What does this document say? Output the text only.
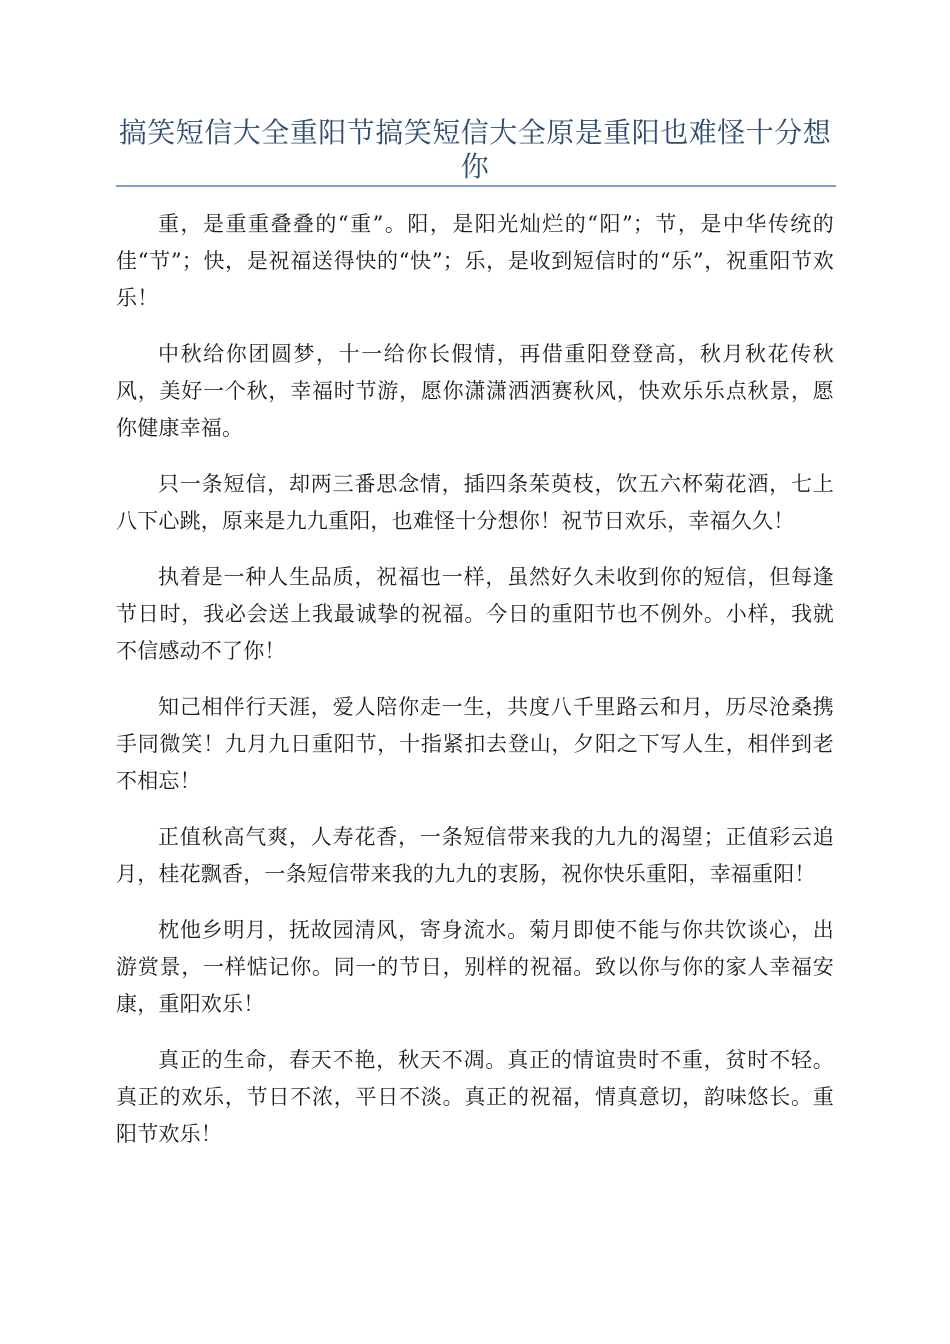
搞笑短信大全重阳节搞笑短信大全原是重阳也难怪十分想你

重，是重重叠叠的“重”。阳，是阳光灿烂的“阳”；节，是中华传统的佳“节”；快，是祝福送得快的“快”；乐，是收到短信时的“乐”，祝重阳节欢乐！

中秋给你团圆梦，十一给你长假情，再借重阳登登高，秋月秋花传秋风，美好一个秋，幸福时节游，愿你潇潇洒洒赛秋风，快欢乐乐点秋景，愿你健康幸福。

只一条短信，却两三番思念情，插四条茱萸枝，饮五六杯菊花酒，七上八下心跳，原来是九九重阳，也难怪十分想你！祝节日欢乐，幸福久久！

执着是一种人生品质，祝福也一样，虽然好久未收到你的短信，但每逢节日时，我必会送上我最诚挚的祝福。今日的重阳节也不例外。小样，我就不信感动不了你！

知己相伴行天涯，爱人陪你走一生，共度八千里路云和月，历尽沧桑携手同微笑！九月九日重阳节，十指紧扣去登山，夕阳之下写人生，相伴到老不相忘！

正值秋高气爽，人寿花香，一条短信带来我的九九的渴望；正值彩云追月，桂花飘香，一条短信带来我的九九的衷肠，祝你快乐重阳，幸福重阳！

枕他乡明月，抚故园清风，寄身流水。菊月即使不能与你共饮谈心，出游赏景，一样惦记你。同一的节日，别样的祝福。致以你与你的家人幸福安康，重阳欢乐！

真正的生命，春天不艳，秋天不凋。真正的情谊贵时不重，贫时不轻。真正的欢乐，节日不浓，平日不淡。真正的祝福，情真意切，韵味悠长。重阳节欢乐！
